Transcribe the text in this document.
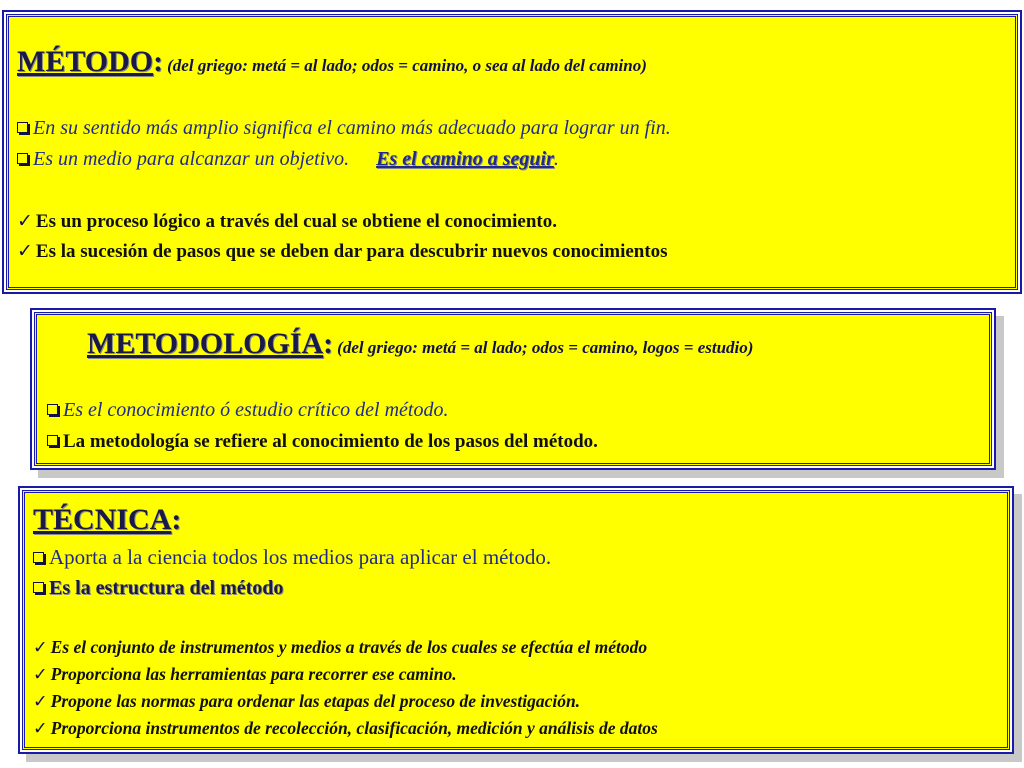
MÉTODO: (del griego: metá = al lado; odos = camino, o sea al lado del camino)
En su sentido más amplio significa el camino más adecuado para lograr un fin.
Es un medio para alcanzar un objetivo. Es el camino a seguir.
✓ Es un proceso lógico a través del cual se obtiene el conocimiento.
✓ Es la sucesión de pasos que se deben dar para descubrir nuevos conocimientos
METODOLOGÍA: (del griego: metá = al lado; odos = camino, logos = estudio)
Es el conocimiento ó estudio crítico del método.
La metodología se refiere al conocimiento de los pasos del método.
TÉCNICA:
Aporta a la ciencia todos los medios para aplicar el método.
Es la estructura del método
✓ Es el conjunto de instrumentos y medios a través de los cuales se efectúa el método
✓ Proporciona las herramientas para recorrer ese camino.
✓ Propone las normas para ordenar las etapas del proceso de investigación.
✓ Proporciona instrumentos de recolección, clasificación, medición y análisis de datos
